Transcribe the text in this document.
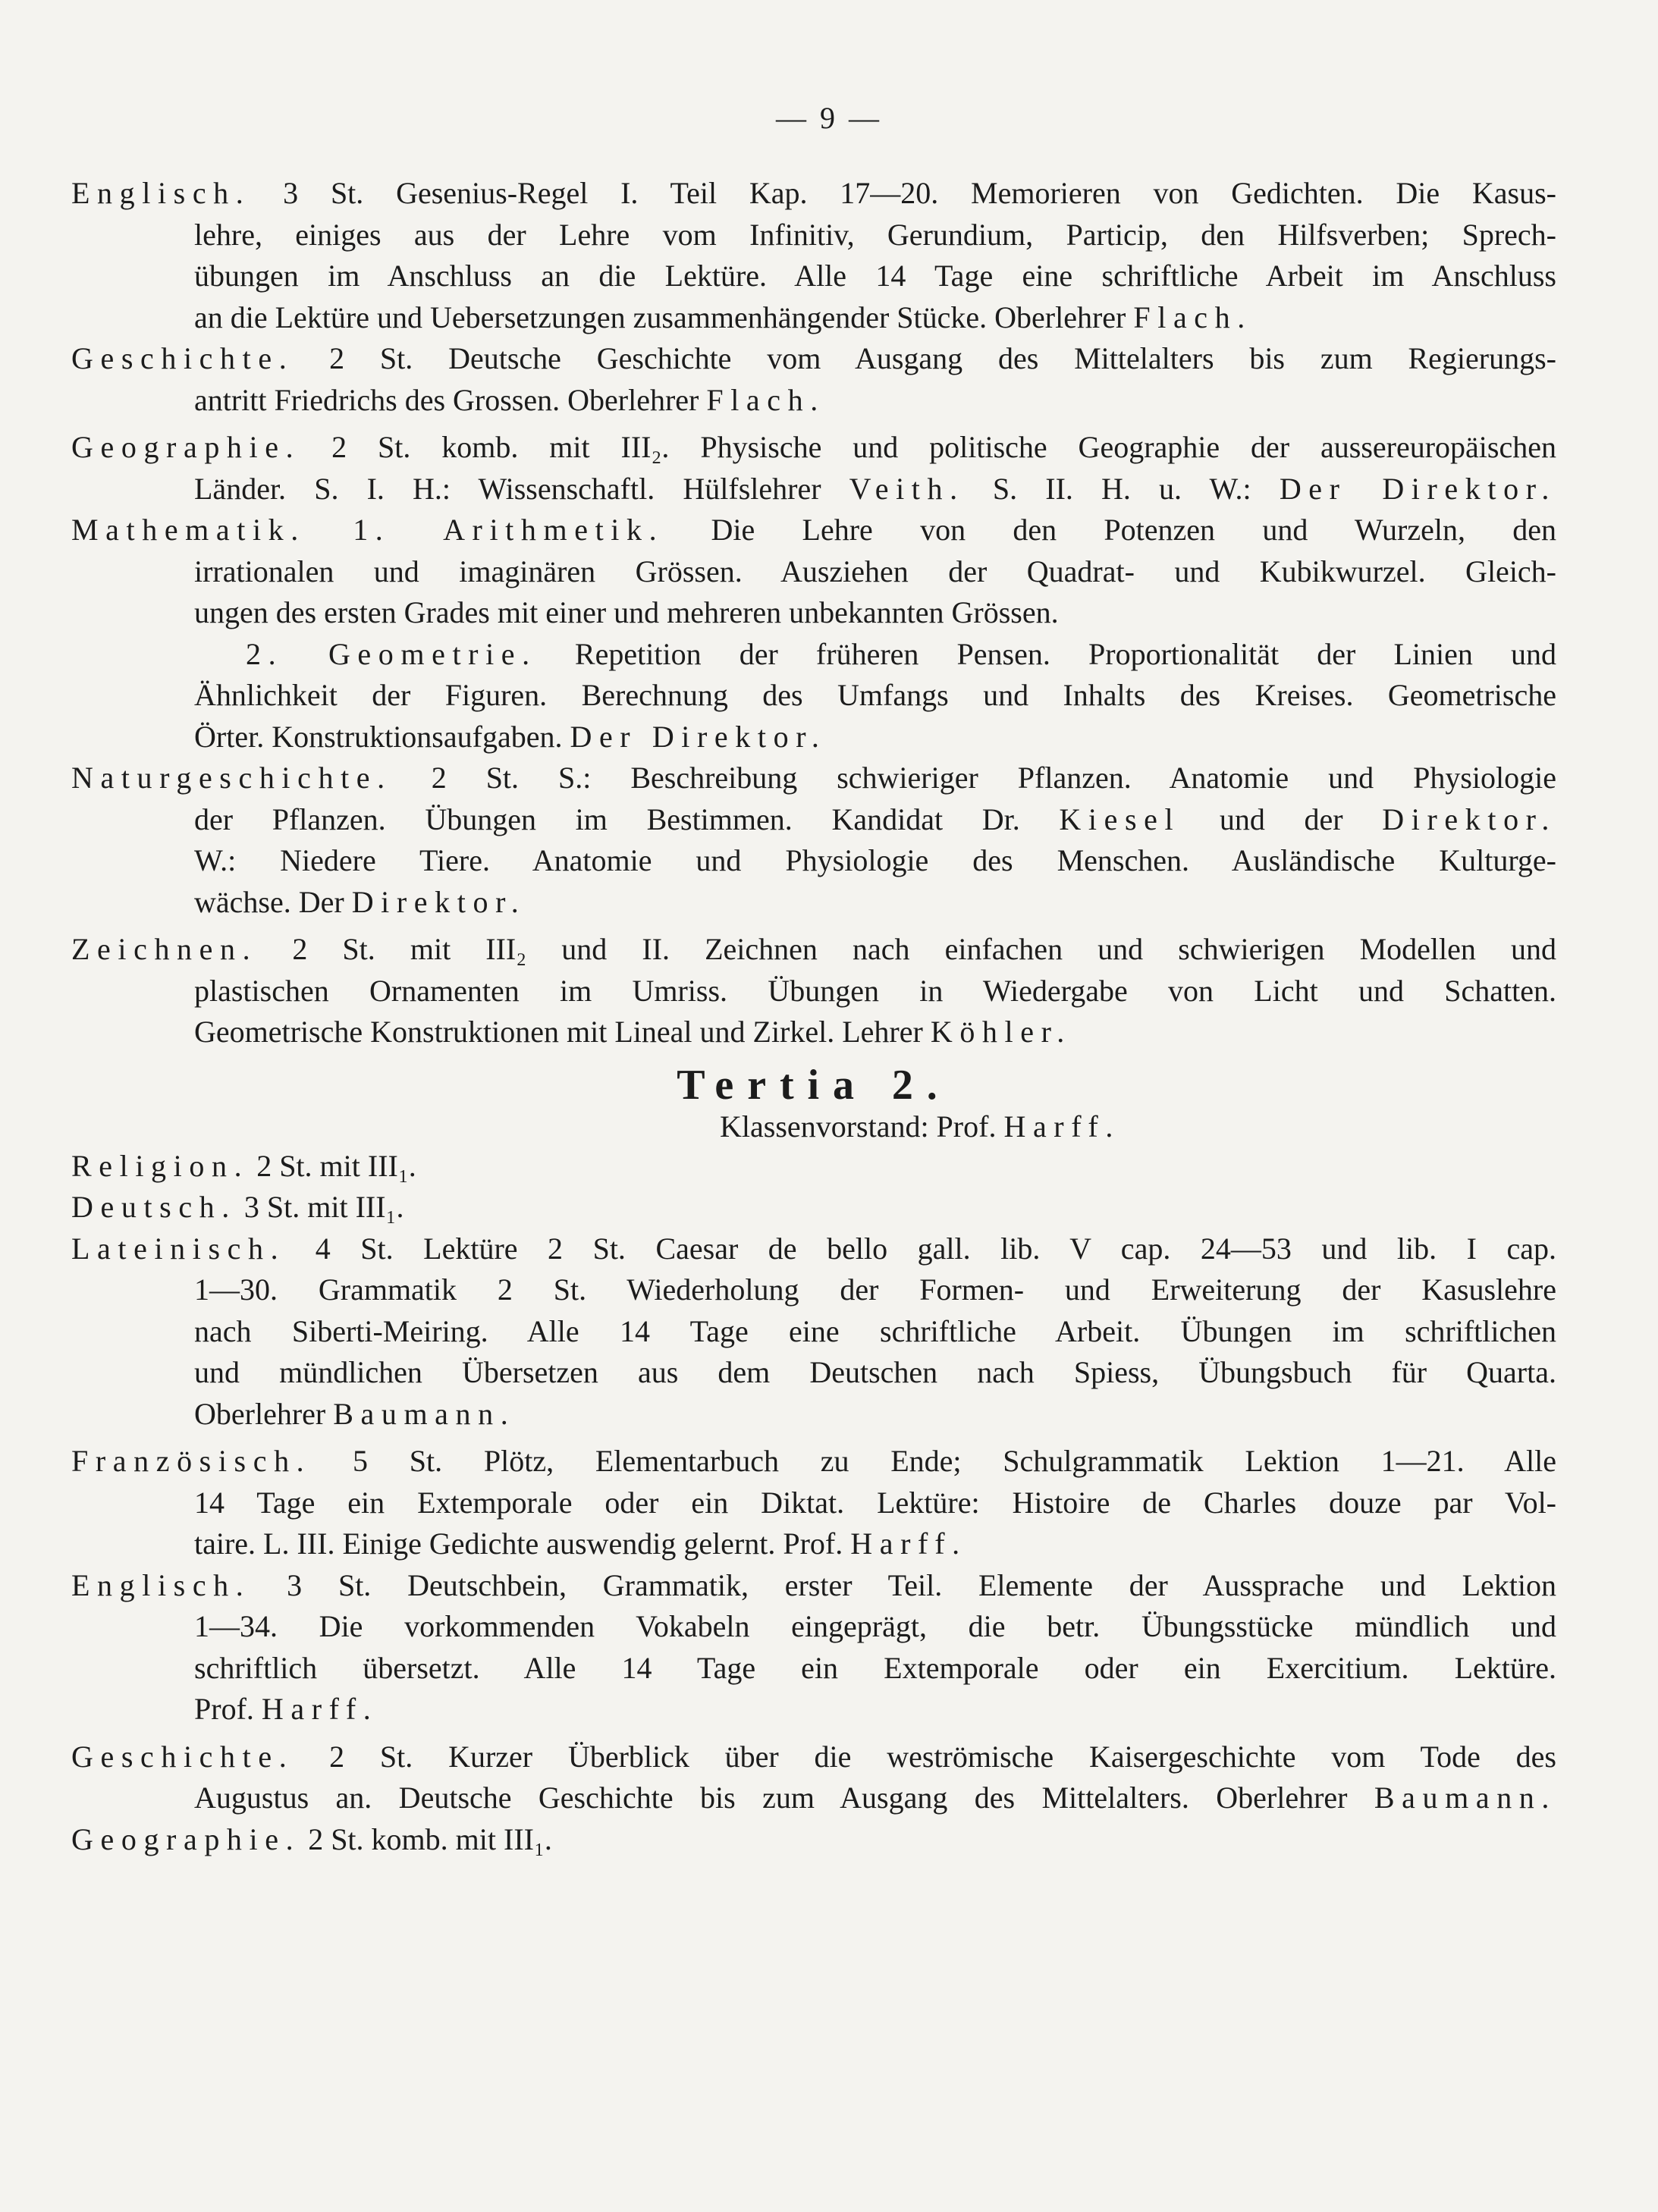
— 9 —
Englisch. 3 St. Gesenius-Regel I. Teil Kap. 17—20. Memorieren von Gedichten. Die Kasus-
lehre, einiges aus der Lehre vom Infinitiv, Gerundium, Particip, den Hilfsverben; Sprech-
übungen im Anschluss an die Lektüre. Alle 14 Tage eine schriftliche Arbeit im Anschluss
an die Lektüre und Uebersetzungen zusammenhängender Stücke. Oberlehrer Flach.
Geschichte. 2 St. Deutsche Geschichte vom Ausgang des Mittelalters bis zum Regierungs-
antritt Friedrichs des Grossen. Oberlehrer Flach.
Geographie. 2 St. komb. mit III₂. Physische und politische Geographie der aussereuropäischen
Länder. S. I. H.: Wissenschaftl. Hülfslehrer Veith. S. II. H. u. W.: Der Direktor.
Mathematik. 1. Arithmetik. Die Lehre von den Potenzen und Wurzeln, den
irrationalen und imaginären Grössen. Ausziehen der Quadrat- und Kubikwurzel. Gleich-
ungen des ersten Grades mit einer und mehreren unbekannten Grössen.
2. Geometrie. Repetition der früheren Pensen. Proportionalität der Linien und
Ähnlichkeit der Figuren. Berechnung des Umfangs und Inhalts des Kreises. Geometrische
Örter. Konstruktionsaufgaben. Der Direktor.
Naturgeschichte. 2 St. S.: Beschreibung schwieriger Pflanzen. Anatomie und Physiologie
der Pflanzen. Übungen im Bestimmen. Kandidat Dr. Kiesel und der Direktor.
W.: Niedere Tiere. Anatomie und Physiologie des Menschen. Ausländische Kulturge-
wächse. Der Direktor.
Zeichnen. 2 St. mit III₂ und II. Zeichnen nach einfachen und schwierigen Modellen und
plastischen Ornamenten im Umriss. Übungen in Wiedergabe von Licht und Schatten.
Geometrische Konstruktionen mit Lineal und Zirkel. Lehrer Köhler.
Tertia 2.
Klassenvorstand: Prof. Harff.
Religion. 2 St. mit III₁.
Deutsch. 3 St. mit III₁.
Lateinisch. 4 St. Lektüre 2 St. Caesar de bello gall. lib. V cap. 24—53 und lib. I cap.
1—30. Grammatik 2 St. Wiederholung der Formen- und Erweiterung der Kasuslehre
nach Siberti-Meiring. Alle 14 Tage eine schriftliche Arbeit. Übungen im schriftlichen
und mündlichen Übersetzen aus dem Deutschen nach Spiess, Übungsbuch für Quarta.
Oberlehrer Baumann.
Französisch. 5 St. Plötz, Elementarbuch zu Ende; Schulgrammatik Lektion 1—21. Alle
14 Tage ein Extemporale oder ein Diktat. Lektüre: Histoire de Charles douze par Vol-
taire. L. III. Einige Gedichte auswendig gelernt. Prof. Harff.
Englisch. 3 St. Deutschbein, Grammatik, erster Teil. Elemente der Aussprache und Lektion
1—34. Die vorkommenden Vokabeln eingeprägt, die betr. Übungsstücke mündlich und
schriftlich übersetzt. Alle 14 Tage ein Extemporale oder ein Exercitium. Lektüre.
Prof. Harff.
Geschichte. 2 St. Kurzer Überblick über die weströmische Kaisergeschichte vom Tode des
Augustus an. Deutsche Geschichte bis zum Ausgang des Mittelalters. Oberlehrer Baumann.
Geographie. 2 St. komb. mit III₁.
